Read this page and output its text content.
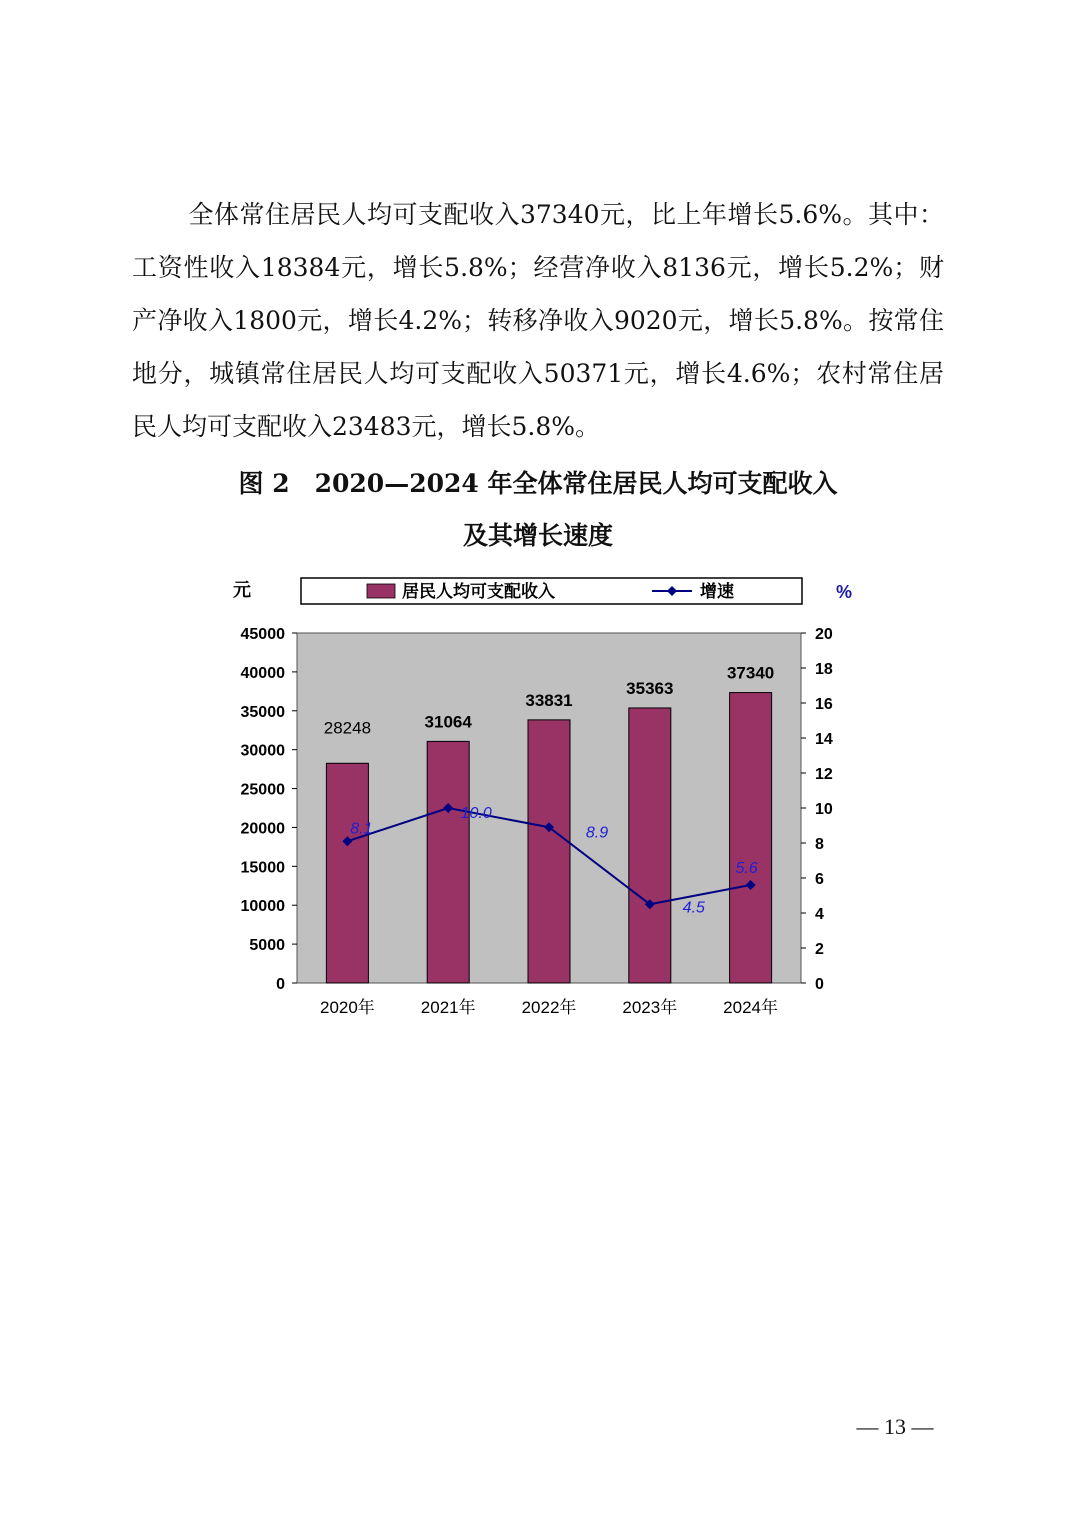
全体常住居民人均可支配收入37340元，比上年增长5.6%。其中：工资性收入18384元，增长5.8%；经营净收入8136元，增长5.2%；财产净收入1800元，增长4.2%；转移净收入9020元，增长5.8%。按常住地分，城镇常住居民人均可支配收入50371元，增长4.6%；农村常住居民人均可支配收入23483元，增长5.8%。

图 2　2020—2024 年全体常住居民人均可支配收入

及其增长速度

元	%
居民人均可支配收入	增速
0
5000
10000
15000
20000
25000
30000
35000
40000
45000
0
2
4
6
8
10
12
14
16
18
20
28248	31064
33831
35363
37340
8.1
10.0
8.9
4.5
5.6
2020年	2021年	2022年	2023年	2024年
— 13 —
